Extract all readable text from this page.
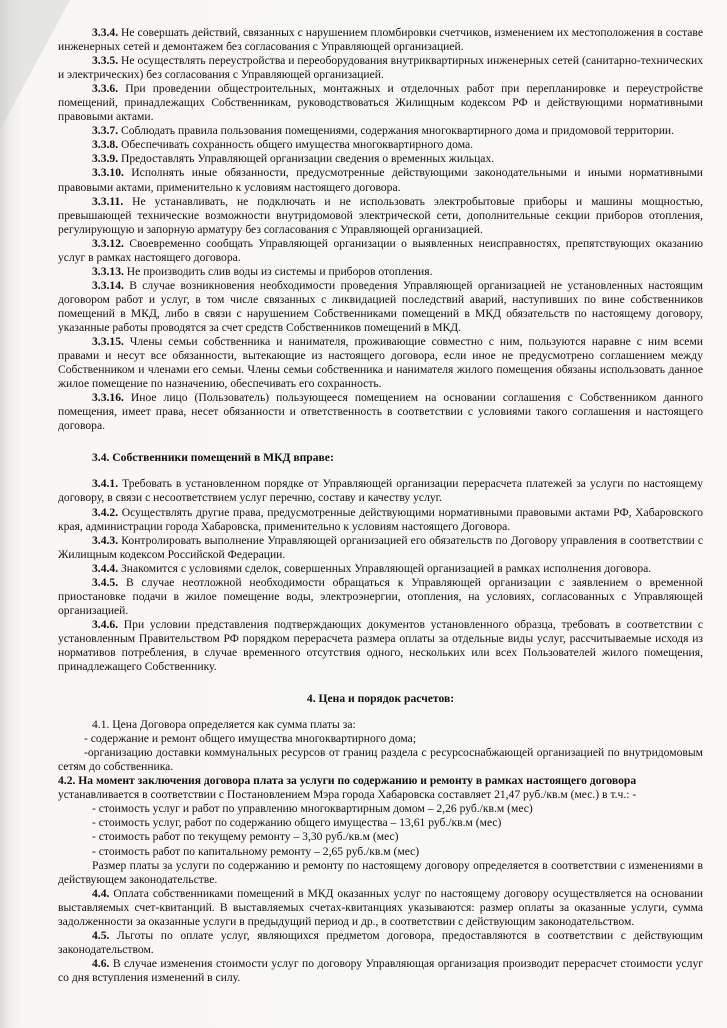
3.3.4. Не совершать действий, связанных с нарушением пломбировки счетчиков, изменением их местоположения в составе инженерных сетей и демонтажем без согласования с Управляющей организацией.

3.3.5. Не осуществлять переустройства и переоборудования внутриквартирных инженерных сетей (санитарно-технических и электрических) без согласования с Управляющей организацией.

3.3.6. При проведении общестроительных, монтажных и отделочных работ при перепланировке и переустройстве помещений, принадлежащих Собственникам, руководствоваться Жилищным кодексом РФ и действующими нормативными правовыми актами.

3.3.7. Соблюдать правила пользования помещениями, содержания многоквартирного дома и придомовой территории.

3.3.8. Обеспечивать сохранность общего имущества многоквартирного дома.

3.3.9. Предоставлять Управляющей организации сведения о временных жильцах.

3.3.10. Исполнять иные обязанности, предусмотренные действующими законодательными и иными нормативными правовыми актами, применительно к условиям настоящего договора.

3.3.11. Не устанавливать, не подключать и не использовать электробытовые приборы и машины мощностью, превышающей технические возможности внутридомовой электрической сети, дополнительные секции приборов отопления, регулирующую и запорную арматуру без согласования с Управляющей организацией.

3.3.12. Своевременно сообщать Управляющей организации о выявленных неисправностях, препятствующих оказанию услуг в рамках настоящего договора.

3.3.13. Не производить слив воды из системы и приборов отопления.

3.3.14. В случае возникновения необходимости проведения Управляющей организацией не установленных настоящим договором работ и услуг, в том числе связанных с ликвидацией последствий аварий, наступивших по вине собственников помещений в МКД, либо в связи с нарушением Собственниками помещений в МКД обязательств по настоящему договору, указанные работы проводятся за счет средств Собственников помещений в МКД.

3.3.15. Члены семьи собственника и нанимателя, проживающие совместно с ним, пользуются наравне с ним всеми правами и несут все обязанности, вытекающие из настоящего договора, если иное не предусмотрено соглашением между Собственником и членами его семьи. Члены семьи собственника и нанимателя жилого помещения обязаны использовать данное жилое помещение по назначению, обеспечивать его сохранность.

3.3.16. Иное лицо (Пользователь) пользующееся помещением на основании соглашения с Собственником данного помещения, имеет права, несет обязанности и ответственность в соответствии с условиями такого соглашения и настоящего договора.

3.4. Собственники помещений в МКД вправе:

3.4.1. Требовать в установленном порядке от Управляющей организации перерасчета платежей за услуги по настоящему договору, в связи с несоответствием услуг перечню, составу и качеству услуг.

3.4.2. Осуществлять другие права, предусмотренные действующими нормативными правовыми актами РФ, Хабаровского края, администрации города Хабаровска, применительно к условиям настоящего Договора.

3.4.3. Контролировать выполнение Управляющей организацией его обязательств по Договору управления в соответствии с Жилищным кодексом Российской Федерации.

3.4.4. Знакомится с условиями сделок, совершенных Управляющей организацией в рамках исполнения договора.

3.4.5. В случае неотложной необходимости обращаться к Управляющей организации с заявлением о временной приостановке подачи в жилое помещение воды, электроэнергии, отопления, на условиях, согласованных с Управляющей организацией.

3.4.6. При условии представления подтверждающих документов установленного образца, требовать в соответствии с установленным Правительством РФ порядком перерасчета размера оплаты за отдельные виды услуг, рассчитываемые исходя из нормативов потребления, в случае временного отсутствия одного, нескольких или всех Пользователей жилого помещения, принадлежащего Собственнику.

4. Цена и порядок расчетов:

4.1. Цена Договора определяется как сумма платы за:

- содержание и ремонт общего имущества многоквартирного дома;

-организацию доставки коммунальных ресурсов от границ раздела с ресурсоснабжающей организацией по внутридомовым сетям до собственника.

4.2. На момент заключения договора плата за услуги по содержанию и ремонту в рамках настоящего договора

устанавливается в соответствии с Постановлением Мэра города Хабаровска составляет 21,47 руб./кв.м (мес.) в т.ч.: -

- стоимость услуг и работ по управлению многоквартирным домом – 2,26 руб./кв.м (мес)

- стоимость услуг, работ по содержанию общего имущества – 13,61 руб./кв.м (мес)

- стоимость работ по текущему ремонту – 3,30 руб./кв.м (мес)

- стоимость работ по капитальному ремонту – 2,65 руб./кв.м (мес)

Размер платы за услуги по содержанию и ремонту по настоящему договору определяется в соответствии с изменениями в действующем законодательстве.

4.4. Оплата собственниками помещений в МКД оказанных услуг по настоящему договору осуществляется на основании выставляемых счет-квитанций. В выставляемых счетах-квитанциях указываются: размер оплаты за оказанные услуги, сумма задолженности за оказанные услуги в предыдущий период и др., в соответствии с действующим законодательством.

4.5. Льготы по оплате услуг, являющихся предметом договора, предоставляются в соответствии с действующим законодательством.

4.6. В случае изменения стоимости услуг по договору Управляющая организация производит перерасчет стоимости услуг со дня вступления изменений в силу.
